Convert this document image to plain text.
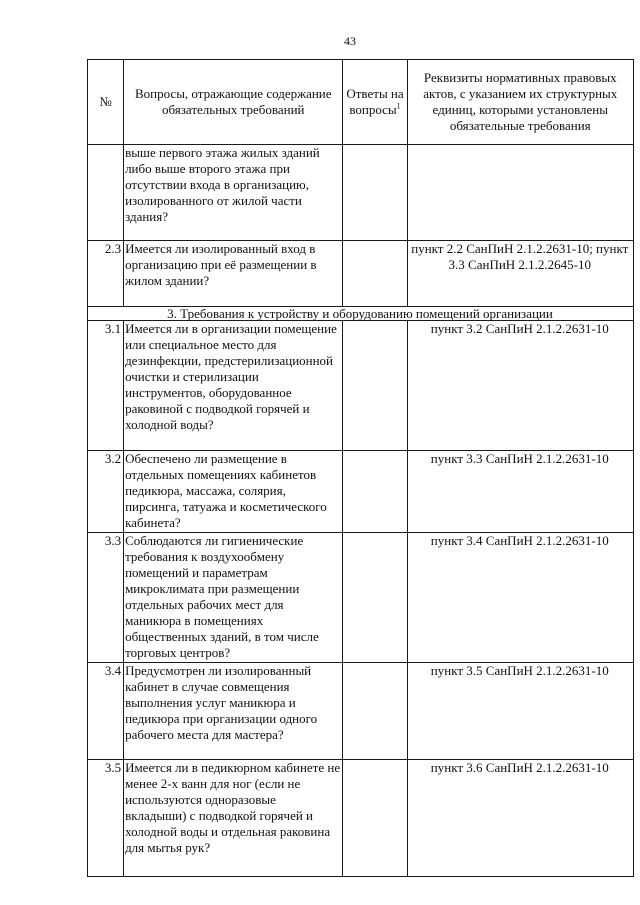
43
№	Вопросы, отражающие содержание обязательных требований	Ответы на вопросы$^1$	Реквизиты нормативных правовых актов, с указанием их структурных единиц, которыми установлены обязательные требования
	выше первого этажа жилых зданий либо выше второго этажа при отсутствии входа в организацию, изолированного от жилой части здания?		
2.3	Имеется ли изолированный вход в организацию при её размещении в жилом здании?		пункт 2.2 СанПиН 2.1.2.2631-10; пункт 3.3 СанПиН 2.1.2.2645-10
3. Требования к устройству и оборудованию помещений организации			
3.1	Имеется ли в организации помещение или специальное место для дезинфекции, предстерилизационной очистки и стерилизации инструментов, оборудованное раковиной с подводкой горячей и холодной воды?		пункт 3.2 СанПиН 2.1.2.2631-10
3.2	Обеспечено ли размещение в отдельных помещениях кабинетов педикюра, массажа, солярия, пирсинга, татуажа и косметического кабинета?		пункт 3.3 СанПиН 2.1.2.2631-10
3.3	Соблюдаются ли гигиенические требования к воздухообмену помещений и параметрам микроклимата при размещении отдельных рабочих мест для маникюра в помещениях общественных зданий, в том числе торговых центров?		пункт 3.4 СанПиН 2.1.2.2631-10
3.4	Предусмотрен ли изолированный кабинет в случае совмещения выполнения услуг маникюра и педикюра при организации одного рабочего места для мастера?		пункт 3.5 СанПиН 2.1.2.2631-10
3.5	Имеется ли в педикюрном кабинете не менее 2-х ванн для ног (если не используются одноразовые вкладыши) с подводкой горячей и холодной воды и отдельная раковина для мытья рук?		пункт 3.6 СанПиН 2.1.2.2631-10
